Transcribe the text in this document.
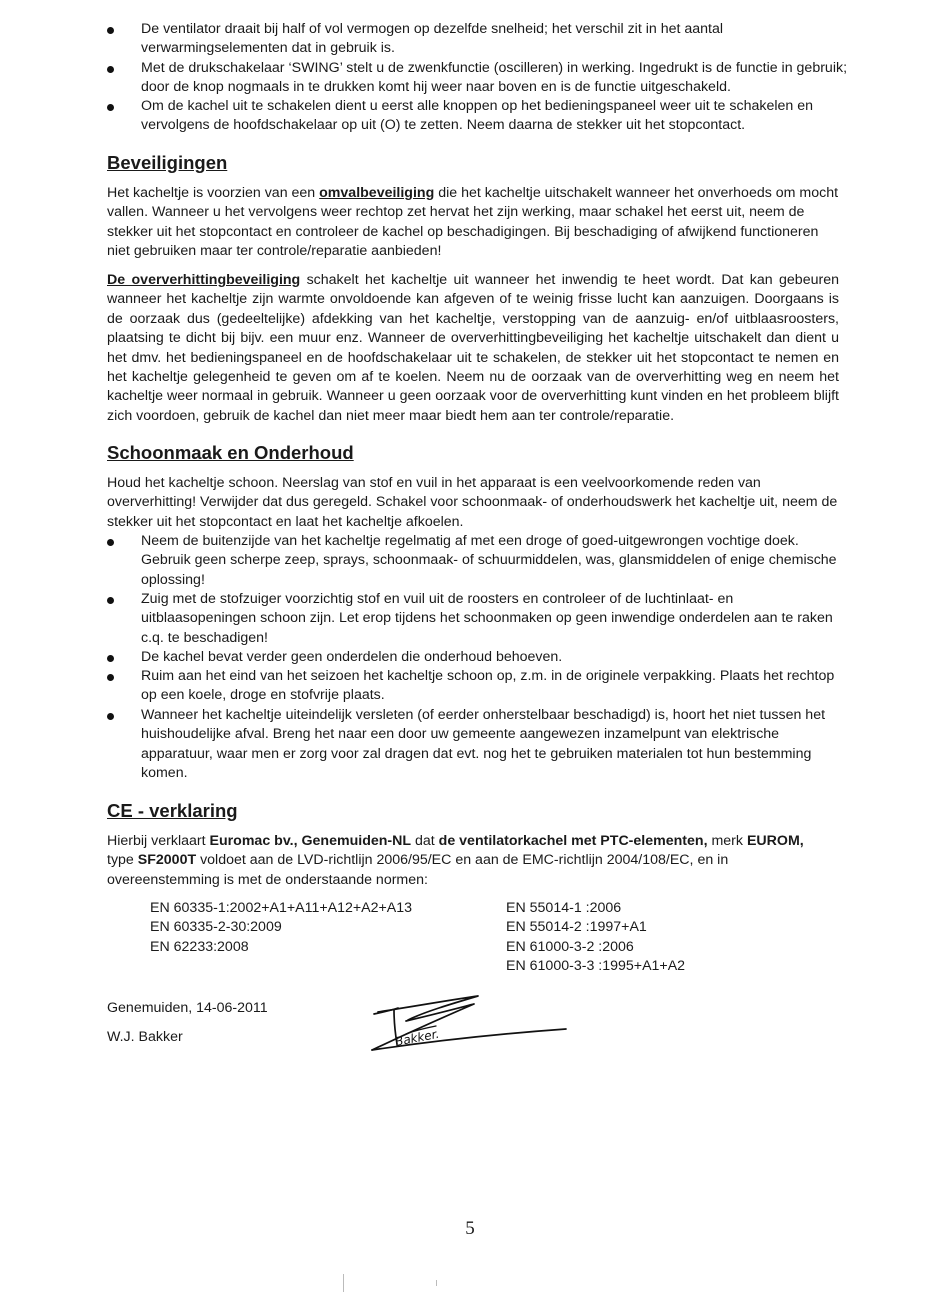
De ventilator draait bij half of vol vermogen op dezelfde snelheid; het verschil zit in het aantal verwarmingselementen dat in gebruik is.
Met de drukschakelaar ‘SWING’ stelt u de zwenkfunctie (oscilleren) in werking. Ingedrukt is de functie in gebruik; door de knop nogmaals in te drukken komt hij weer naar boven en is de functie uitgeschakeld.
Om de kachel uit te schakelen dient u eerst alle knoppen op het bedieningspaneel weer uit te schakelen en vervolgens de hoofdschakelaar op uit (O) te zetten. Neem daarna de stekker uit het stopcontact.
Beveiligingen
Het kacheltje is voorzien van een omvalbeveiliging die het kacheltje uitschakelt wanneer het onverhoeds om mocht vallen. Wanneer u het vervolgens weer rechtop zet hervat het zijn werking, maar schakel het eerst uit, neem de stekker uit het stopcontact en controleer de kachel op beschadigingen. Bij beschadiging of afwijkend functioneren niet gebruiken maar ter controle/reparatie aanbieden!
De oververhittingbeveiliging schakelt het kacheltje uit wanneer het inwendig te heet wordt. Dat kan gebeuren wanneer het kacheltje zijn warmte onvoldoende kan afgeven of te weinig frisse lucht kan aanzuigen. Doorgaans is de oorzaak dus (gedeeltelijke) afdekking van het kacheltje, verstopping van de aanzuig- en/of uitblaasroosters, plaatsing te dicht bij bijv. een muur enz. Wanneer de oververhittingbeveiliging het kacheltje uitschakelt dan dient u het dmv. het bedieningspaneel en de hoofdschakelaar uit te schakelen, de stekker uit het stopcontact te nemen en het kacheltje gelegenheid te geven om af te koelen. Neem nu de oorzaak van de oververhitting weg en neem het kacheltje weer normaal in gebruik. Wanneer u geen oorzaak voor de oververhitting kunt vinden en het probleem blijft zich voordoen, gebruik de kachel dan niet meer maar biedt hem aan ter controle/reparatie.
Schoonmaak en Onderhoud
Houd het kacheltje schoon. Neerslag van stof en vuil in het apparaat is een veelvoorkomende reden van oververhitting! Verwijder dat dus geregeld. Schakel voor schoonmaak- of onderhoudswerk het kacheltje uit, neem de stekker uit het stopcontact en laat het kacheltje afkoelen.
Neem de buitenzijde van het kacheltje regelmatig af met een droge of goed-uitgewrongen vochtige doek. Gebruik geen scherpe zeep, sprays, schoonmaak- of schuurmiddelen, was, glansmiddelen of enige chemische oplossing!
Zuig met de stofzuiger voorzichtig stof en vuil uit de roosters en controleer of de luchtinlaat- en uitblaasopeningen schoon zijn. Let erop tijdens het schoonmaken op geen inwendige onderdelen aan te raken c.q. te beschadigen!
De kachel bevat verder geen onderdelen die onderhoud behoeven.
Ruim aan het eind van het seizoen het kacheltje schoon op, z.m. in de originele verpakking. Plaats het rechtop op een koele, droge en stofvrije plaats.
Wanneer het kacheltje uiteindelijk versleten (of eerder onherstelbaar beschadigd) is, hoort het niet tussen het huishoudelijke afval. Breng het naar een door uw gemeente aangewezen inzamelpunt van elektrische apparatuur, waar men er zorg voor zal dragen dat evt. nog het te gebruiken materialen tot hun bestemming komen.
CE - verklaring
Hierbij verklaart Euromac bv., Genemuiden-NL dat de ventilatorkachel met PTC-elementen, merk EUROM,
type SF2000T voldoet aan de LVD-richtlijn 2006/95/EC en aan de EMC-richtlijn 2004/108/EC, en in overeenstemming is met de onderstaande normen:
EN 60335-1:2002+A1+A11+A12+A2+A13
EN 60335-2-30:2009
EN 62233:2008
EN 55014-1 :2006
EN 55014-2 :1997+A1
EN 61000-3-2 :2006
EN 61000-3-3 :1995+A1+A2
Genemuiden, 14-06-2011
W.J. Bakker	Bakker.
5
